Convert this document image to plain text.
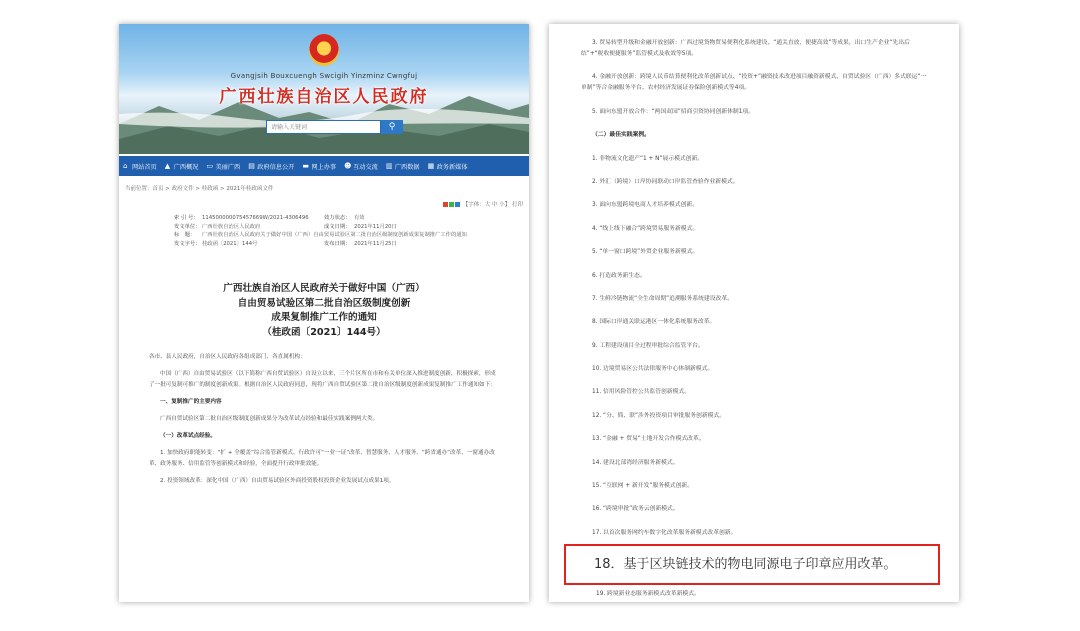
Gvangjsih Bouxcuengh Swcigih Yinzminz Cwngfuj
广西壮族自治区人民政府
请输入关键词	⚲
⌂ 网站首页 ▲ 广西概况 ▭ 美丽广西 ▤ 政府信息公开 ▬ 网上办事 ☻ 互动交流 ▥ 广西数据 ▦ 政务新媒体
当前位置：首页 > 政府文件 > 桂政函 > 2021年桂政函文件
【字体：大 中 小】 打印
索 引 号： 114500000075457669W/2021-4306496	效力状态： 有效
发文单位： 广西壮族自治区人民政府	成文日期： 2021年11月20日
标　题：	广西壮族自治区人民政府关于做好中国（广西）自由贸易试验区第二批自治区级制度创新成果复制推广工作的通知
发文字号： 桂政函〔2021〕144号	发布日期： 2021年11月25日
广西壮族自治区人民政府关于做好中国（广西）
自由贸易试验区第二批自治区级制度创新
成果复制推广工作的通知
（桂政函〔2021〕144号）

各市、县人民政府，自治区人民政府各组成部门、各直属机构：

中国（广西）自由贸易试验区（以下简称广西自贸试验区）自设立以来，三个片区所在市和有关单位深入推进制度创新，积极探索，形成了一批可复制可推广的制度创新成果。根据自治区人民政府同意，现将广西自贸试验区第二批自治区级制度创新成果复制推广工作通知如下：

一、复制推广的主要内容

广西自贸试验区第二批自治区级制度创新成果分为改革试点经验和最佳实践案例两大类。

（一）改革试点经验。

1. 加快政府职能转变：“扩 + 全覆盖”综合监管新模式、行政许可“一业一证”改革、智慧服务、人才服务、“跨省通办”改革、一窗通办改革、政务服务、信用监管等创新模式和经验，全面提升行政审批效能。

2. 投资领域改革：深化中国（广西）自由贸易试验区外商投资股权投资企业发展试点成果1项。

3. 贸易转型升级和金融开放创新：广西过境货物贸易便利化系统建设、“通关直放、便捷高效”等成果，出口生产企业“先出后结”+“税收便捷服务”监管模式及收效等5项。

4. 金融开放创新：跨境人民币结算便利化改革创新试点、“投资+”融资技术改进项目融资新模式、自贸试验区（广西）多式联运“一单制”等合金融服务平台、农村经济发展证券保险创新模式等4项。

5. 面向东盟开放合作：“两国双园”招商引资协同创新体制1项。

（二）最佳实践案例。

1. 非物流文化遗产“1 + N”展示模式创新。

2. 外汇（跨境）口岸协同联动口岸监管查验作业新模式。

3. 面向东盟跨境电商人才培养模式创新。

4. “线上线下融合”跨境贸易服务新模式。

5. “单一窗口跨境”外贸企业服务新模式。

6. 打造政务新生态。

7. 生鲜冷链物流“全生命周期”追溯服务系统建设改革。

8. 国际口岸通关联运港区一体化系统服务改革。

9. 工程建设项目全过程审批综合监管平台。

10. 边境贸易区公共法律服务中心体制新模式。

11. 信用风险管控公共监管创新模式。

12. “分、简、联”涉外投资项目审批服务创新模式。

13. “金融 + 贸易”土地开发合作模式改革。

14. 建设北部湾经济服务新模式。

15. “互联网 + 新开发”服务模式创新。

16. “跨境审批”政务云创新模式。

17. 以首次服务网约车数字化改革服务新模式改革创新。

18．基于区块链技术的物电同源电子印章应用改革。
19. 跨境新业态服务新模式改革新模式。
